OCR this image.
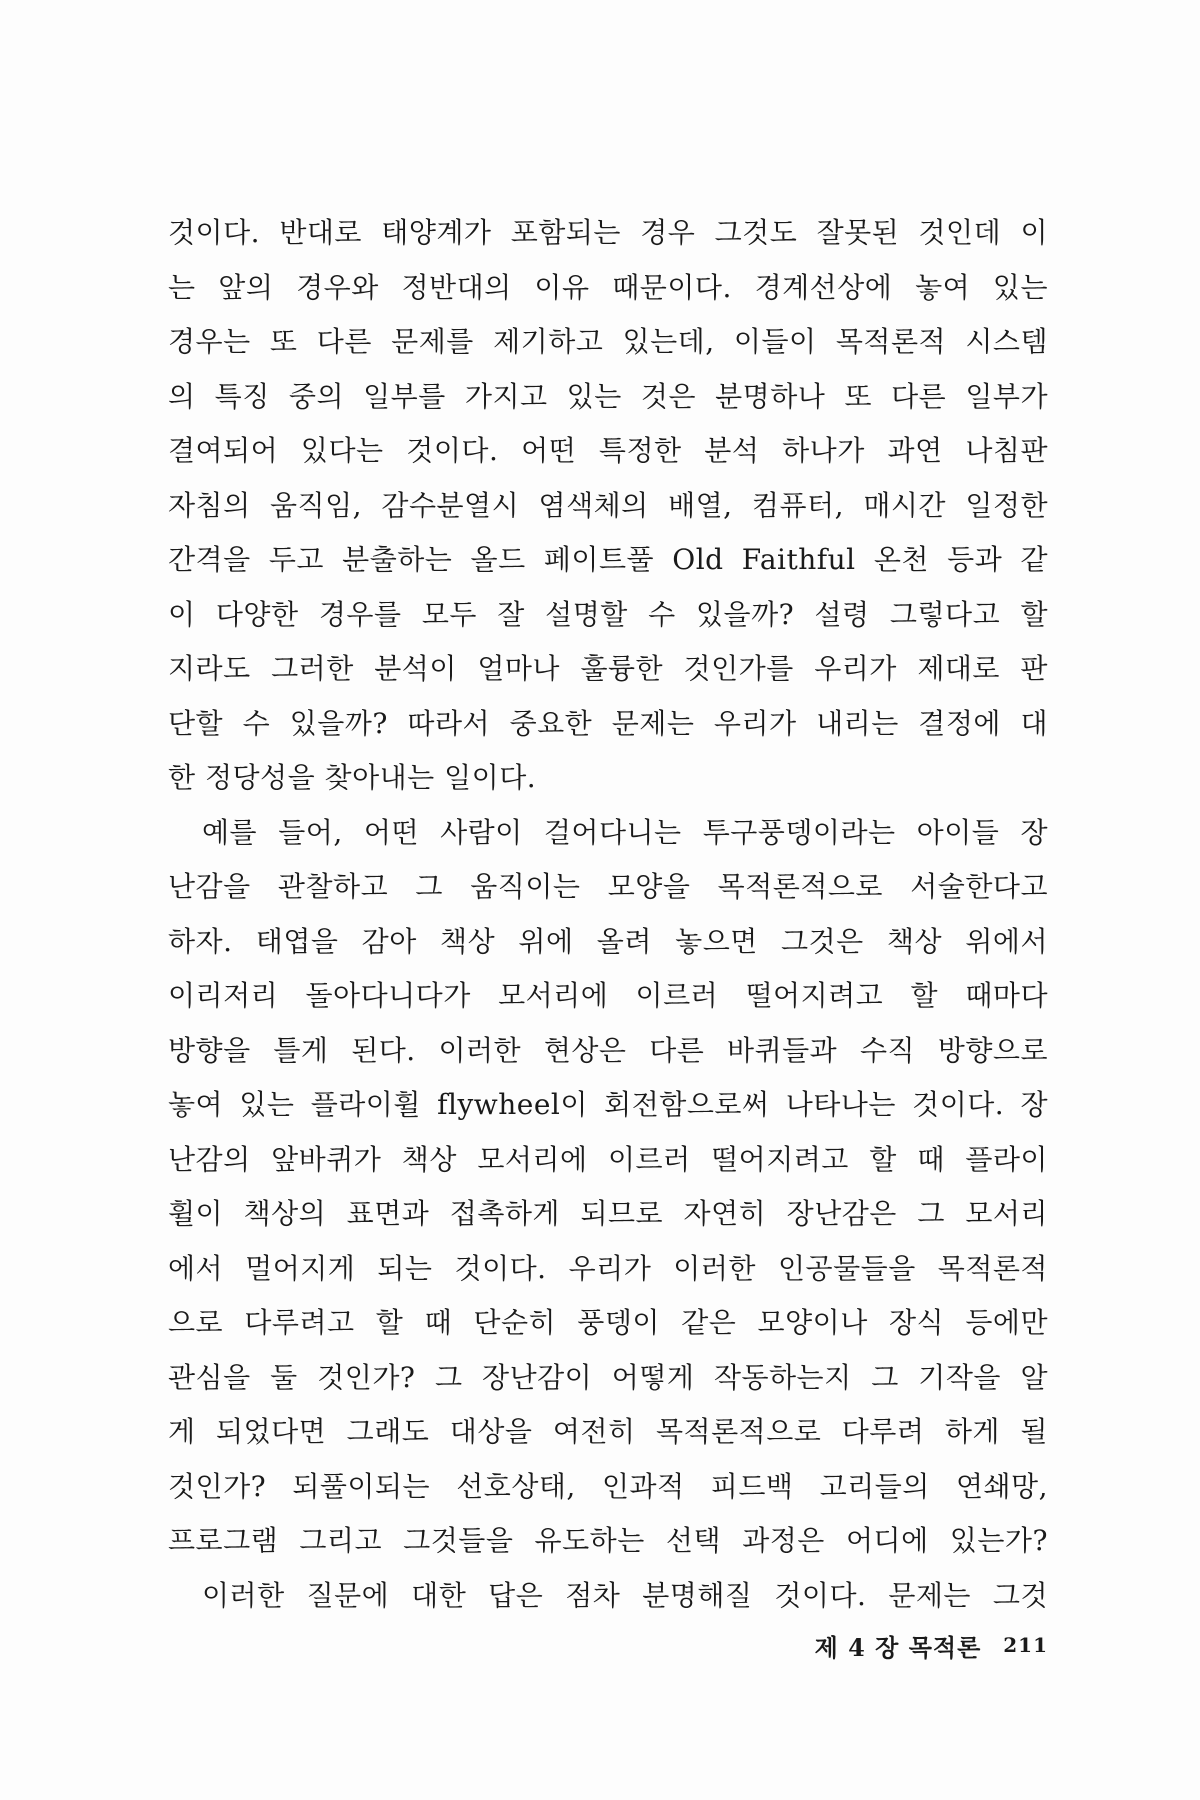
것이다. 반대로 태양계가 포함되는 경우 그것도 잘못된 것인데 이
는 앞의 경우와 정반대의 이유 때문이다. 경계선상에 놓여 있는
경우는 또 다른 문제를 제기하고 있는데, 이들이 목적론적 시스템
의 특징 중의 일부를 가지고 있는 것은 분명하나 또 다른 일부가
결여되어 있다는 것이다. 어떤 특정한 분석 하나가 과연 나침판
자침의 움직임, 감수분열시 염색체의 배열, 컴퓨터, 매시간 일정한
간격을 두고 분출하는 올드 페이트풀 Old Faithful 온천 등과 같
이 다양한 경우를 모두 잘 설명할 수 있을까? 설령 그렇다고 할
지라도 그러한 분석이 얼마나 훌륭한 것인가를 우리가 제대로 판
단할 수 있을까? 따라서 중요한 문제는 우리가 내리는 결정에 대
한 정당성을 찾아내는 일이다.
예를 들어, 어떤 사람이 걸어다니는 투구풍뎅이라는 아이들 장
난감을 관찰하고 그 움직이는 모양을 목적론적으로 서술한다고
하자. 태엽을 감아 책상 위에 올려 놓으면 그것은 책상 위에서
이리저리 돌아다니다가 모서리에 이르러 떨어지려고 할 때마다
방향을 틀게 된다. 이러한 현상은 다른 바퀴들과 수직 방향으로
놓여 있는 플라이휠 flywheel이 회전함으로써 나타나는 것이다. 장
난감의 앞바퀴가 책상 모서리에 이르러 떨어지려고 할 때 플라이
휠이 책상의 표면과 접촉하게 되므로 자연히 장난감은 그 모서리
에서 멀어지게 되는 것이다. 우리가 이러한 인공물들을 목적론적
으로 다루려고 할 때 단순히 풍뎅이 같은 모양이나 장식 등에만
관심을 둘 것인가? 그 장난감이 어떻게 작동하는지 그 기작을 알
게 되었다면 그래도 대상을 여전히 목적론적으로 다루려 하게 될
것인가? 되풀이되는 선호상태, 인과적 피드백 고리들의 연쇄망,
프로그램 그리고 그것들을 유도하는 선택 과정은 어디에 있는가?
이러한 질문에 대한 답은 점차 분명해질 것이다. 문제는 그것
제 4 장 목적론 211
